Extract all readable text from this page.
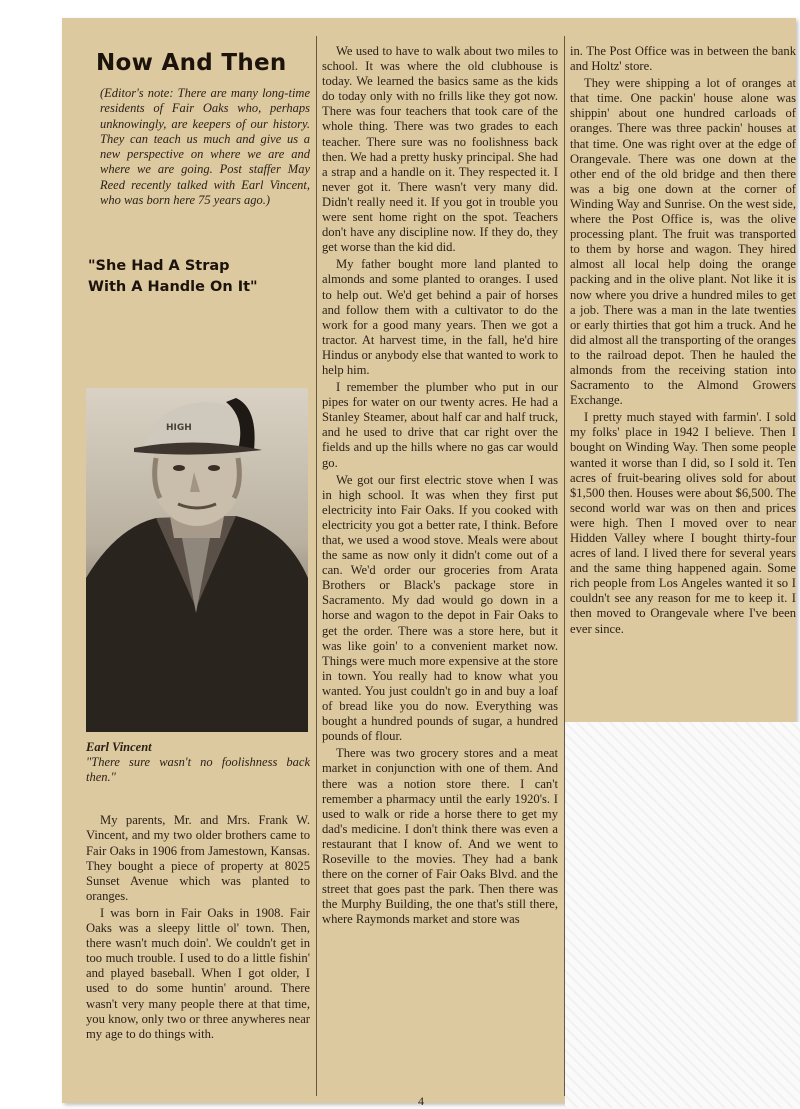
Now And Then
(Editor's note: There are many long-time residents of Fair Oaks who, perhaps unknowingly, are keepers of our history. They can teach us much and give us a new perspective on where we are and where we are going. Post staffer May Reed recently talked with Earl Vincent, who was born here 75 years ago.)
"She Had A Strap
With A Handle On It"
HIGH
Earl Vincent
"There sure wasn't no foolishness back then."

My parents, Mr. and Mrs. Frank W. Vincent, and my two older brothers came to Fair Oaks in 1906 from Jamestown, Kansas. They bought a piece of property at 8025 Sunset Avenue which was planted to oranges.

I was born in Fair Oaks in 1908. Fair Oaks was a sleepy little ol' town. Then, there wasn't much doin'. We couldn't get in too much trouble. I used to do a little fishin' and played baseball. When I got older, I used to do some huntin' around. There wasn't very many people there at that time, you know, only two or three anywheres near my age to do things with.

We used to have to walk about two miles to school. It was where the old clubhouse is today. We learned the basics same as the kids do today only with no frills like they got now. There was four teachers that took care of the whole thing. There was two grades to each teacher. There sure was no foolishness back then. We had a pretty husky principal. She had a strap and a handle on it. They respected it. I never got it. There wasn't very many did. Didn't really need it. If you got in trouble you were sent home right on the spot. Teachers don't have any discipline now. If they do, they get worse than the kid did.

My father bought more land planted to almonds and some planted to oranges. I used to help out. We'd get behind a pair of horses and follow them with a cultivator to do the work for a good many years. Then we got a tractor. At harvest time, in the fall, he'd hire Hindus or anybody else that wanted to work to help him.

I remember the plumber who put in our pipes for water on our twenty acres. He had a Stanley Steamer, about half car and half truck, and he used to drive that car right over the fields and up the hills where no gas car would go.

We got our first electric stove when I was in high school. It was when they first put electricity into Fair Oaks. If you cooked with electricity you got a better rate, I think. Before that, we used a wood stove. Meals were about the same as now only it didn't come out of a can. We'd order our groceries from Arata Brothers or Black's package store in Sacramento. My dad would go down in a horse and wagon to the depot in Fair Oaks to get the order. There was a store here, but it was like goin' to a convenient market now. Things were much more expensive at the store in town. You really had to know what you wanted. You just couldn't go in and buy a loaf of bread like you do now. Everything was bought a hundred pounds of sugar, a hundred pounds of flour.

There was two grocery stores and a meat market in conjunction with one of them. And there was a notion store there. I can't remember a pharmacy until the early 1920's. I used to walk or ride a horse there to get my dad's medicine. I don't think there was even a restaurant that I know of. And we went to Roseville to the movies. They had a bank there on the corner of Fair Oaks Blvd. and the street that goes past the park. Then there was the Murphy Building, the one that's still there, where Raymonds market and store was

in. The Post Office was in between the bank and Holtz' store.

They were shipping a lot of oranges at that time. One packin' house alone was shippin' about one hundred carloads of oranges. There was three packin' houses at that time. One was right over at the edge of Orangevale. There was one down at the other end of the old bridge and then there was a big one down at the corner of Winding Way and Sunrise. On the west side, where the Post Office is, was the olive processing plant. The fruit was transported to them by horse and wagon. They hired almost all local help doing the orange packing and in the olive plant. Not like it is now where you drive a hundred miles to get a job. There was a man in the late twenties or early thirties that got him a truck. And he did almost all the transporting of the oranges to the railroad depot. Then he hauled the almonds from the receiving station into Sacramento to the Almond Growers Exchange.

I pretty much stayed with farmin'. I sold my folks' place in 1942 I believe. Then I bought on Winding Way. Then some people wanted it worse than I did, so I sold it. Ten acres of fruit-bearing olives sold for about $1,500 then. Houses were about $6,500. The second world war was on then and prices were high. Then I moved over to near Hidden Valley where I bought thirty-four acres of land. I lived there for several years and the same thing happened again. Some rich people from Los Angeles wanted it so I couldn't see any reason for me to keep it. I then moved to Orangevale where I've been ever since.

4
